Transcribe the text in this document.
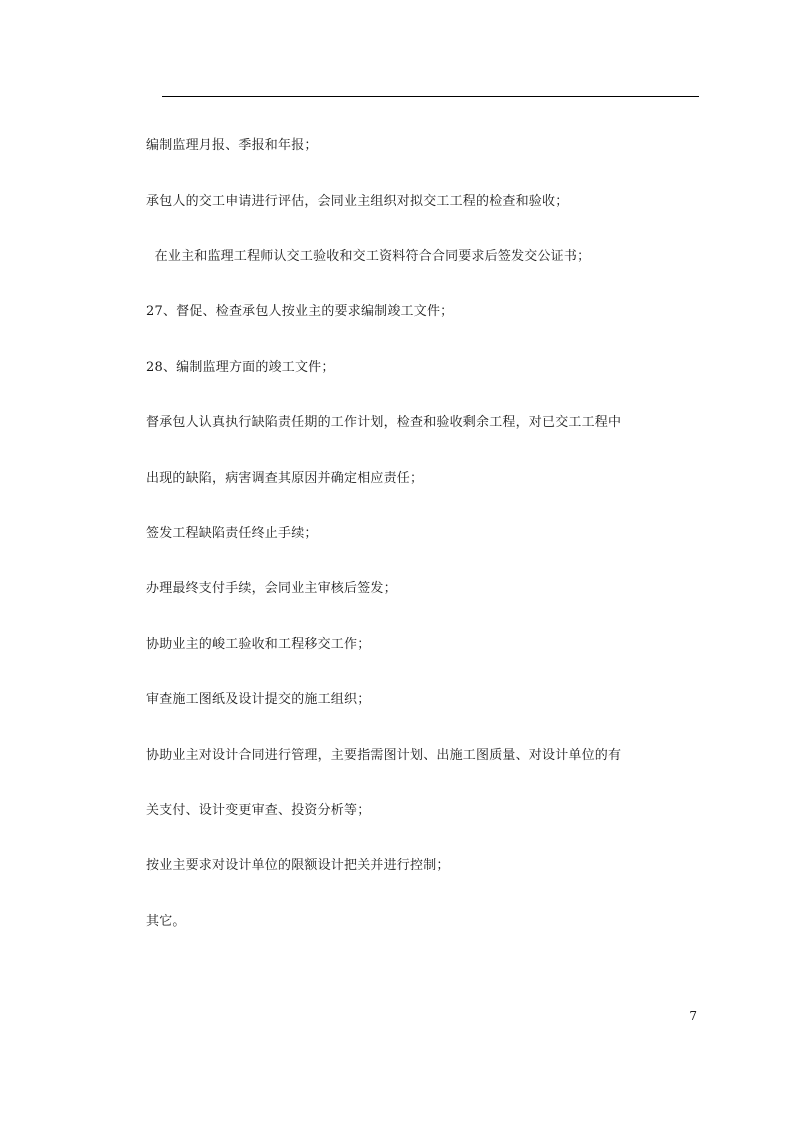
编制监理月报、季报和年报；
承包人的交工申请进行评估，会同业主组织对拟交工工程的检查和验收；
在业主和监理工程师认交工验收和交工资料符合合同要求后签发交公证书；
27、督促、检查承包人按业主的要求编制竣工文件；
28、编制监理方面的竣工文件；
督承包人认真执行缺陷责任期的工作计划，检查和验收剩余工程，对已交工工程中
出现的缺陷，病害调查其原因并确定相应责任；
签发工程缺陷责任终止手续；
办理最终支付手续，会同业主审核后签发；
协助业主的峻工验收和工程移交工作；
审查施工图纸及设计提交的施工组织；
协助业主对设计合同进行管理，主要指需图计划、出施工图质量、对设计单位的有
关支付、设计变更审查、投资分析等；
按业主要求对设计单位的限额设计把关并进行控制；
其它。
7
